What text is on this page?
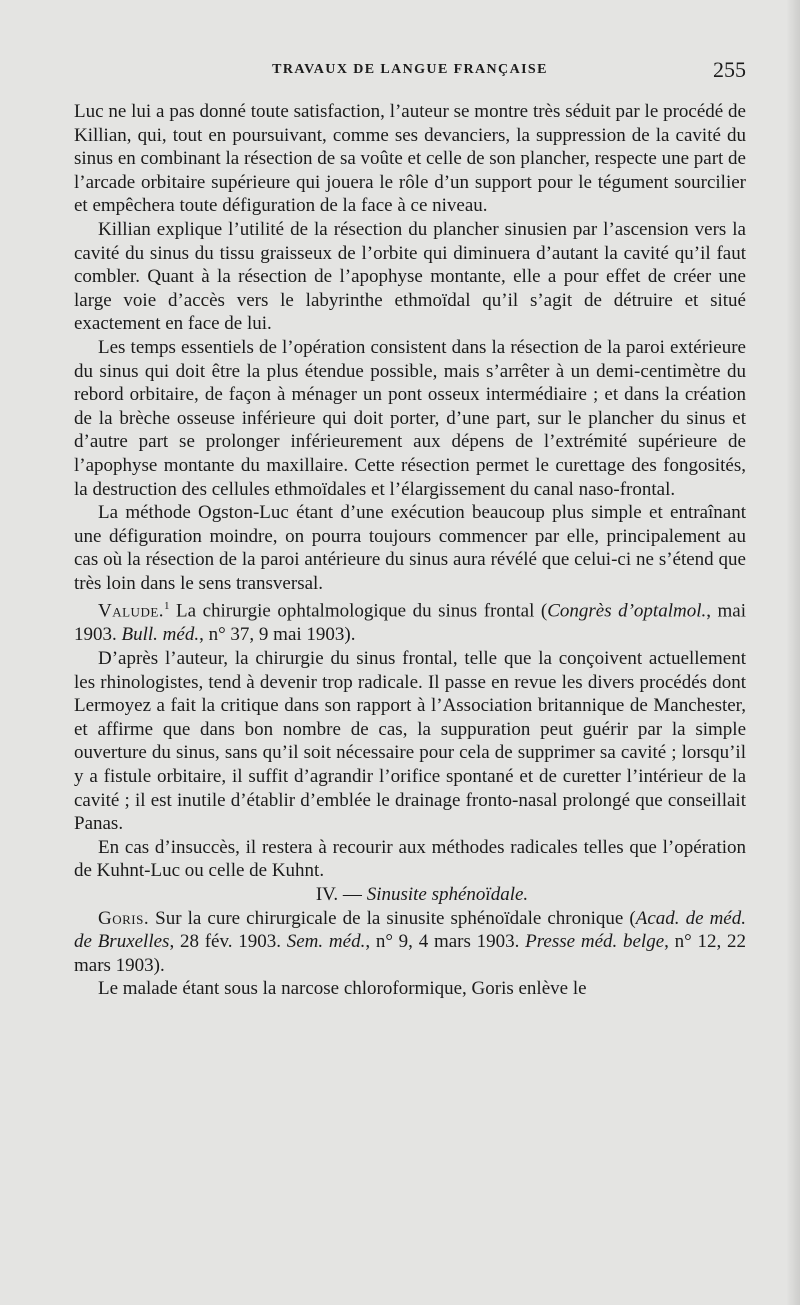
TRAVAUX DE LANGUE FRANÇAISE	255

Luc ne lui a pas donné toute satisfaction, l’auteur se montre très séduit par le procédé de Killian, qui, tout en poursuivant, comme ses devanciers, la suppression de la cavité du sinus en combinant la résection de sa voûte et celle de son plancher, respecte une part de l’arcade orbitaire supérieure qui jouera le rôle d’un support pour le tégument sourcilier et empêchera toute défiguration de la face à ce niveau.

Killian explique l’utilité de la résection du plancher sinusien par l’ascension vers la cavité du sinus du tissu graisseux de l’orbite qui diminuera d’autant la cavité qu’il faut combler. Quant à la résection de l’apophyse montante, elle a pour effet de créer une large voie d’accès vers le labyrinthe ethmoïdal qu’il s’agit de détruire et situé exactement en face de lui.

Les temps essentiels de l’opération consistent dans la résection de la paroi extérieure du sinus qui doit être la plus étendue possible, mais s’arrêter à un demi-centimètre du rebord orbitaire, de façon à ménager un pont osseux intermédiaire ; et dans la création de la brèche osseuse inférieure qui doit porter, d’une part, sur le plancher du sinus et d’autre part se prolonger inférieurement aux dépens de l’extrémité supérieure de l’apophyse montante du maxillaire. Cette résection permet le curettage des fongosités, la destruction des cellules ethmoïdales et l’élargissement du canal naso-frontal.

La méthode Ogston-Luc étant d’une exécution beaucoup plus simple et entraînant une défiguration moindre, on pourra toujours commencer par elle, principalement au cas où la résection de la paroi antérieure du sinus aura révélé que celui-ci ne s’étend que très loin dans le sens transversal.

Valude.$^1$ La chirurgie ophtalmologique du sinus frontal (Congrès d’optalmol., mai 1903. Bull. méd., n° 37, 9 mai 1903).

D’après l’auteur, la chirurgie du sinus frontal, telle que la conçoivent actuellement les rhinologistes, tend à devenir trop radicale. Il passe en revue les divers procédés dont Lermoyez a fait la critique dans son rapport à l’Association britannique de Manchester, et affirme que dans bon nombre de cas, la suppuration peut guérir par la simple ouverture du sinus, sans qu’il soit nécessaire pour cela de supprimer sa cavité ; lorsqu’il y a fistule orbitaire, il suffit d’agrandir l’orifice spontané et de curetter l’intérieur de la cavité ; il est inutile d’établir d’emblée le drainage fronto-nasal prolongé que conseillait Panas.

En cas d’insuccès, il restera à recourir aux méthodes radicales telles que l’opération de Kuhnt-Luc ou celle de Kuhnt.

IV. — Sinusite sphénoïdale.

Goris. Sur la cure chirurgicale de la sinusite sphénoïdale chronique (Acad. de méd. de Bruxelles, 28 fév. 1903. Sem. méd., n° 9, 4 mars 1903. Presse méd. belge, n° 12, 22 mars 1903).

Le malade étant sous la narcose chloroformique, Goris enlève le
